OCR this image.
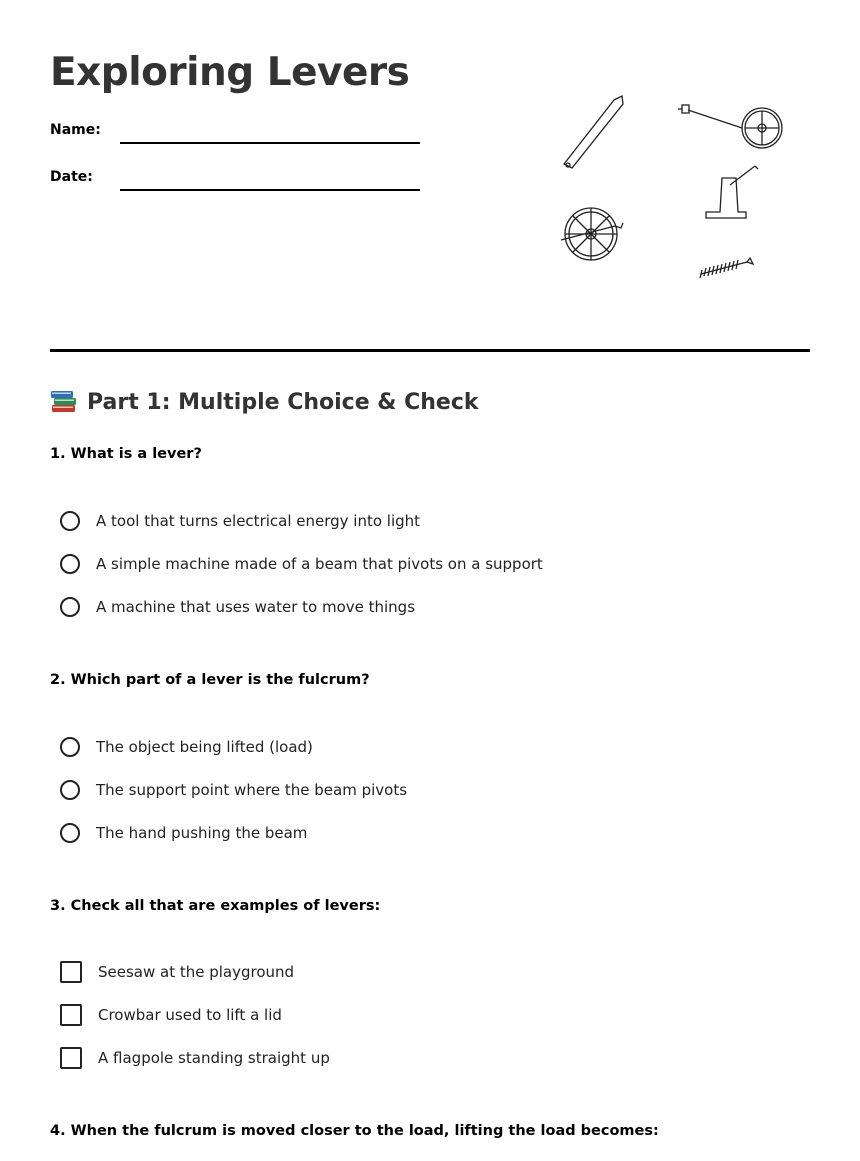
Exploring Levers
Name:
Date:
Part 1: Multiple Choice & Check
1. What is a lever?
A tool that turns electrical energy into light
A simple machine made of a beam that pivots on a support
A machine that uses water to move things
2. Which part of a lever is the fulcrum?
The object being lifted (load)
The support point where the beam pivots
The hand pushing the beam
3. Check all that are examples of levers:
Seesaw at the playground
Crowbar used to lift a lid
A flagpole standing straight up
4. When the fulcrum is moved closer to the load, lifting the load becomes:
